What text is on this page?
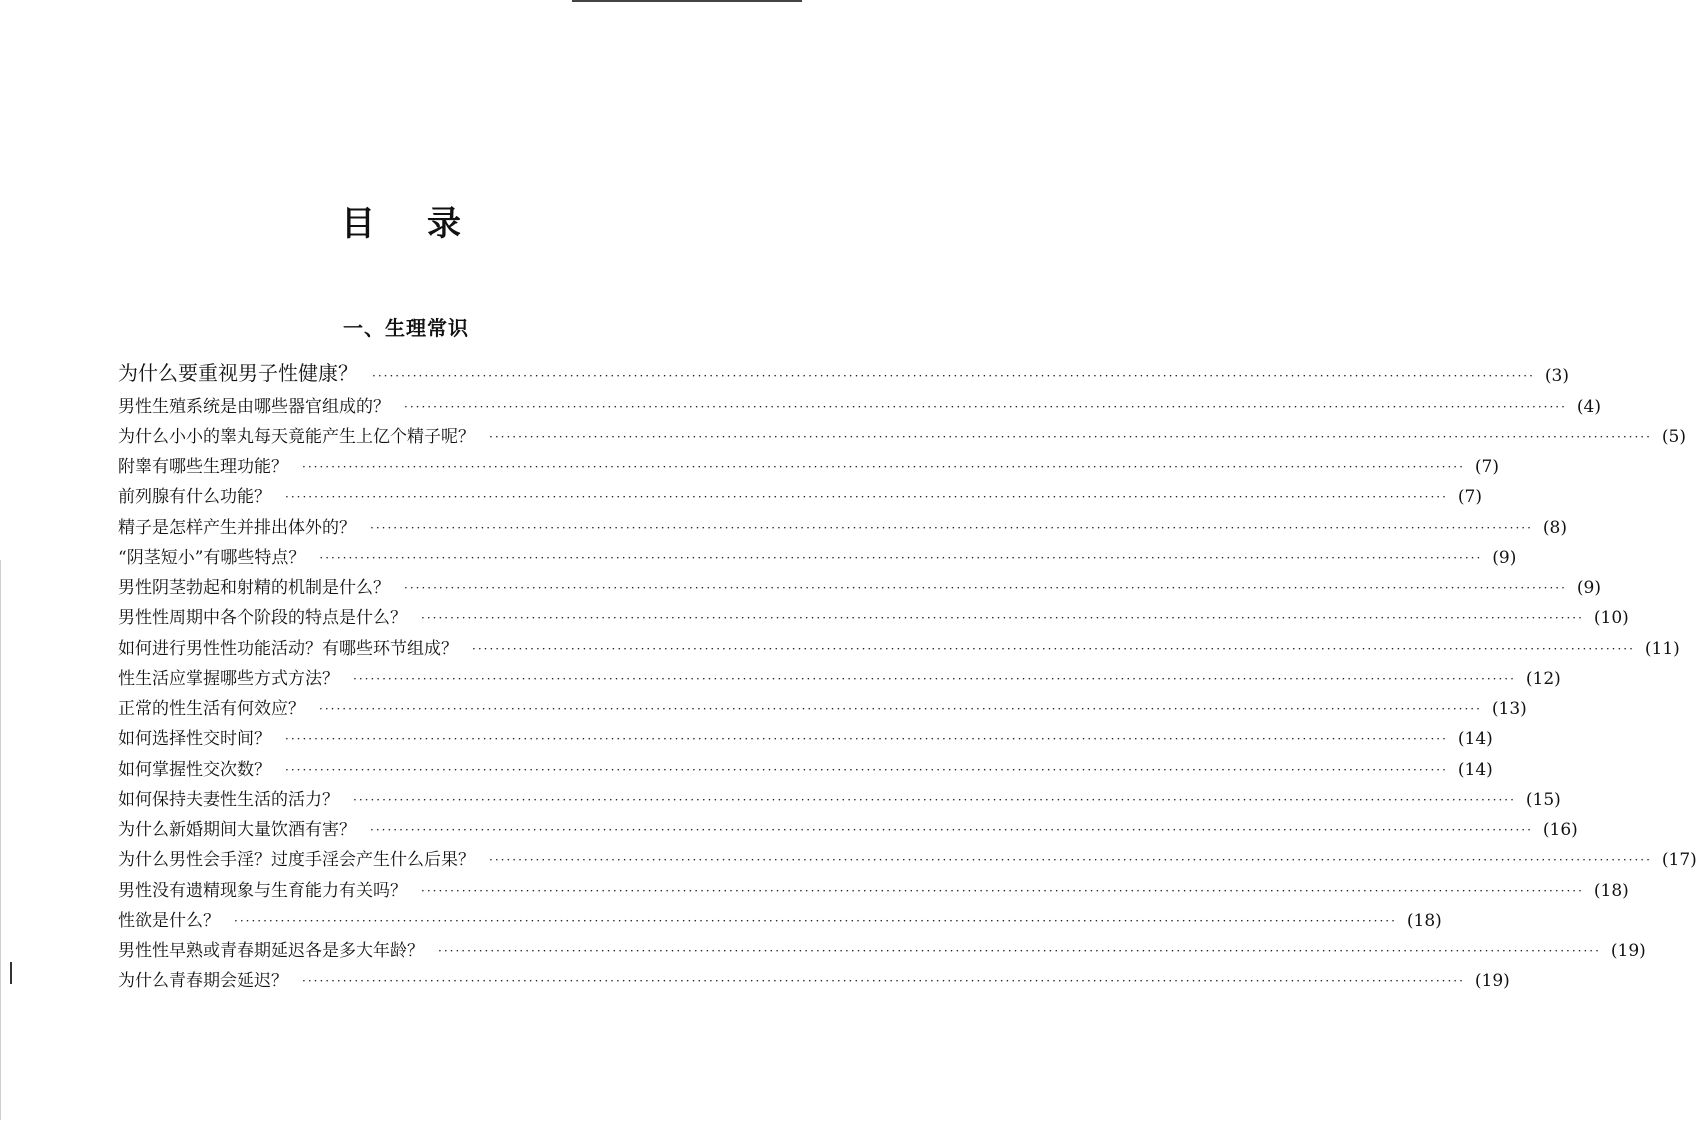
目录
一、生理常识
为什么要重视男子性健康？ ········································································································································································································ ( 3 )
男性生殖系统是由哪些器官组成的？ ········································································································································································································ ( 4 )
为什么小小的睾丸每天竟能产生上亿个精子呢？ ········································································································································································································ ( 5 )
附睾有哪些生理功能？ ········································································································································································································ ( 7 )
前列腺有什么功能？ ········································································································································································································ ( 7 )
精子是怎样产生并排出体外的？ ········································································································································································································ ( 8 )
“阴茎短小”有哪些特点？ ········································································································································································································ ( 9 )
男性阴茎勃起和射精的机制是什么？ ········································································································································································································ ( 9 )
男性性周期中各个阶段的特点是什么？ ········································································································································································································ ( 10 )
如何进行男性性功能活动？有哪些环节组成？ ········································································································································································································ ( 11 )
性生活应掌握哪些方式方法？ ········································································································································································································ ( 12 )
正常的性生活有何效应？ ········································································································································································································ ( 13 )
如何选择性交时间？ ········································································································································································································ ( 14 )
如何掌握性交次数？ ········································································································································································································ ( 14 )
如何保持夫妻性生活的活力？ ········································································································································································································ ( 15 )
为什么新婚期间大量饮酒有害？ ········································································································································································································ ( 16 )
为什么男性会手淫？过度手淫会产生什么后果？ ········································································································································································································ ( 17 )
男性没有遗精现象与生育能力有关吗？ ········································································································································································································ ( 18 )
性欲是什么？ ········································································································································································································ ( 18 )
男性性早熟或青春期延迟各是多大年龄？ ········································································································································································································ ( 19 )
为什么青春期会延迟？ ········································································································································································································ ( 19 )
